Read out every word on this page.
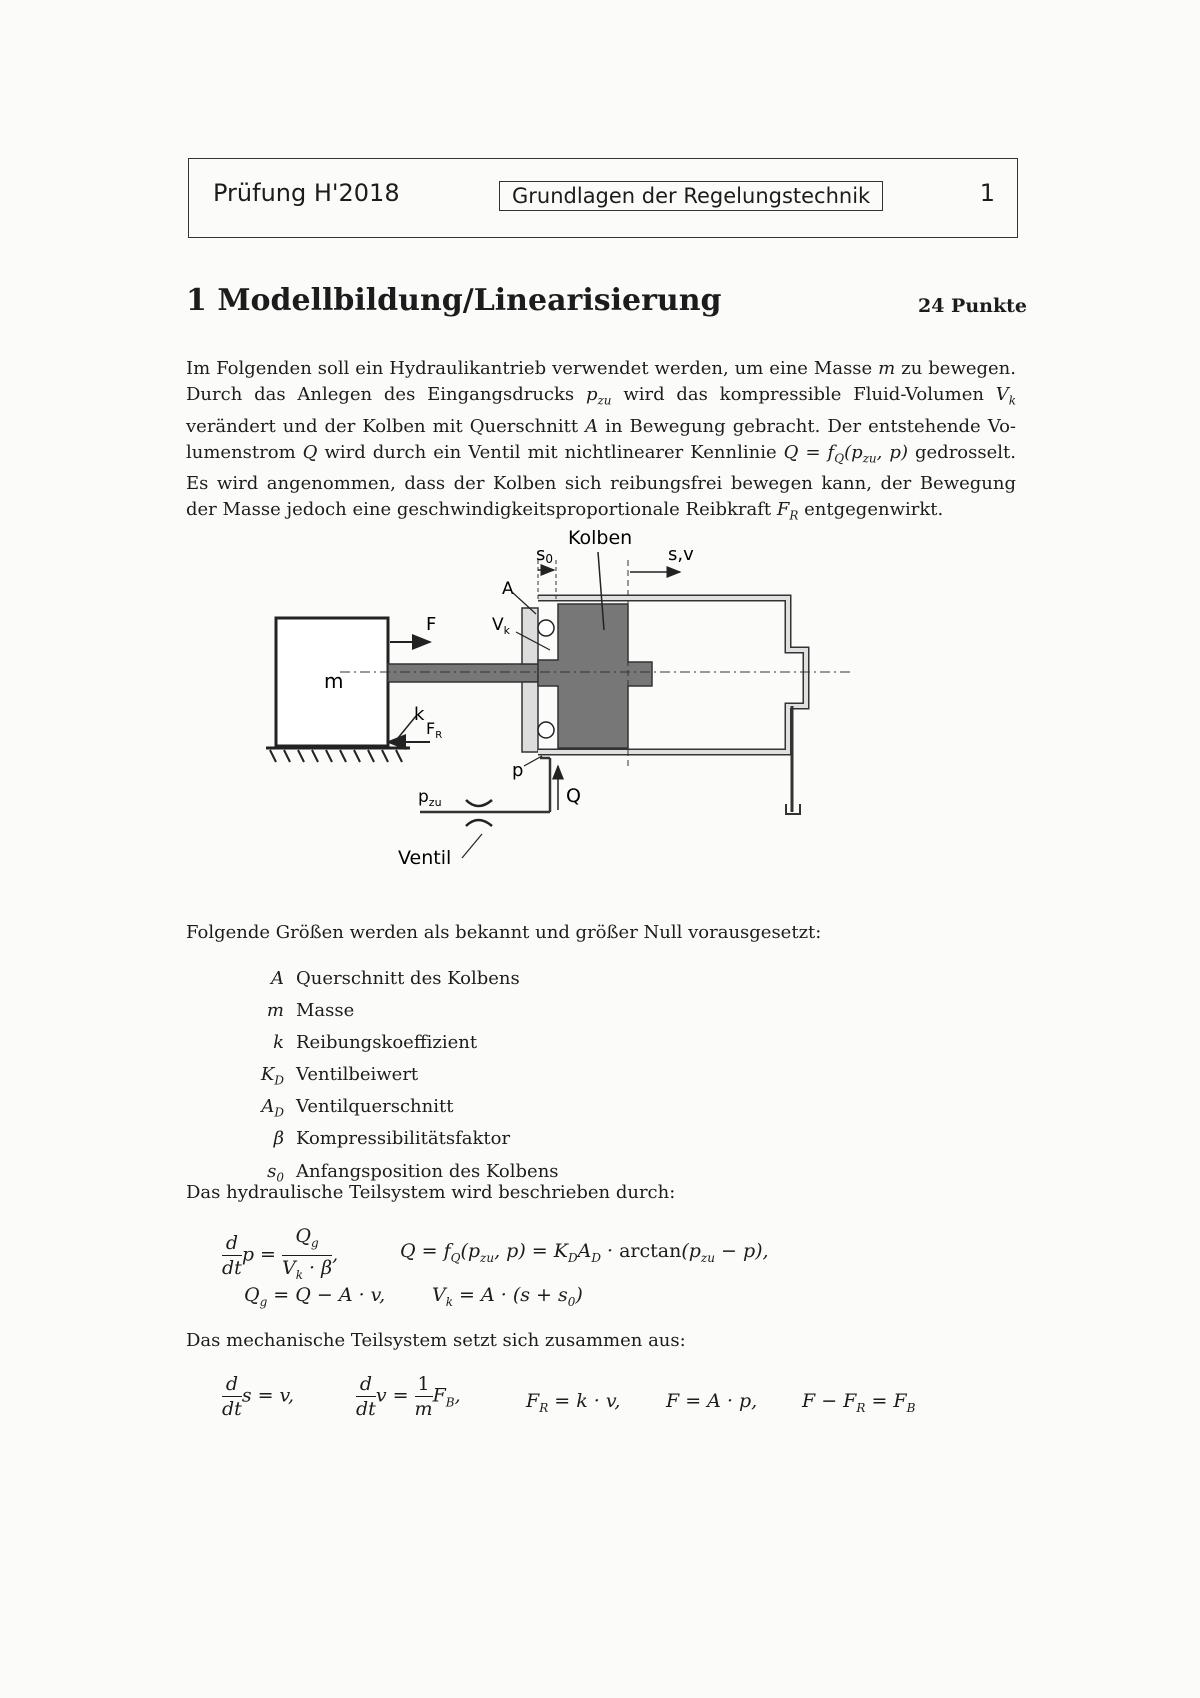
Prüfung H'2018	Grundlagen der Regelungstechnik	1
1 Modellbildung/Linearisierung	24 Punkte
Im Folgenden soll ein Hydraulikantrieb verwendet werden, um eine Masse m zu bewegen.
Durch das Anlegen des Eingangsdrucks $p_{zu}$ wird das kompressible Fluid-Volumen $V_k$
verändert und der Kolben mit Querschnitt A in Bewegung gebracht. Der entstehende Vo-
lumenstrom Q wird durch ein Ventil mit nichtlinearer Kennlinie $Q = f_Q(p_{zu}$, p) gedrosselt.
Es wird angenommen, dass der Kolben sich reibungsfrei bewegen kann, der Bewegung
der Masse jedoch eine geschwindigkeitsproportionale Reibkraft $F_R$ entgegenwirkt.
m
F
k
$F_R$
s0	s,v
Kolben
A
$V_k$
Q
p
$p_{zu}$
Ventil
Folgende Größen werden als bekannt und größer Null vorausgesetzt:
A Querschnitt des Kolbens
m Masse
k Reibungskoeffizient
$K_D$ Ventilbeiwert
$A_D$ Ventilquerschnitt
β Kompressibilitätsfaktor
$s_0$ Anfangsposition des Kolbens
Das hydraulische Teilsystem wird beschrieben durch:
$\frac{d}{dt}$ $p = \frac{Q_g}{V_k \cdot \beta}$ ,	$Q = f_Q(p_{zu}$, $p) = K_DA_D \cdot \arctan(p_{zu} - p)$,
$Q_g = Q - A \cdot v$, $V_k = A \cdot (s + s_0)$
Das mechanische Teilsystem setzt sich zusammen aus:
$\frac{d}{dt}$ s = v,	$\frac{d}{dt}$ $v = \frac{1}{m} F_B$,	$F_R = k \cdot v$, F = A · p, $F - F_R = F_B$
